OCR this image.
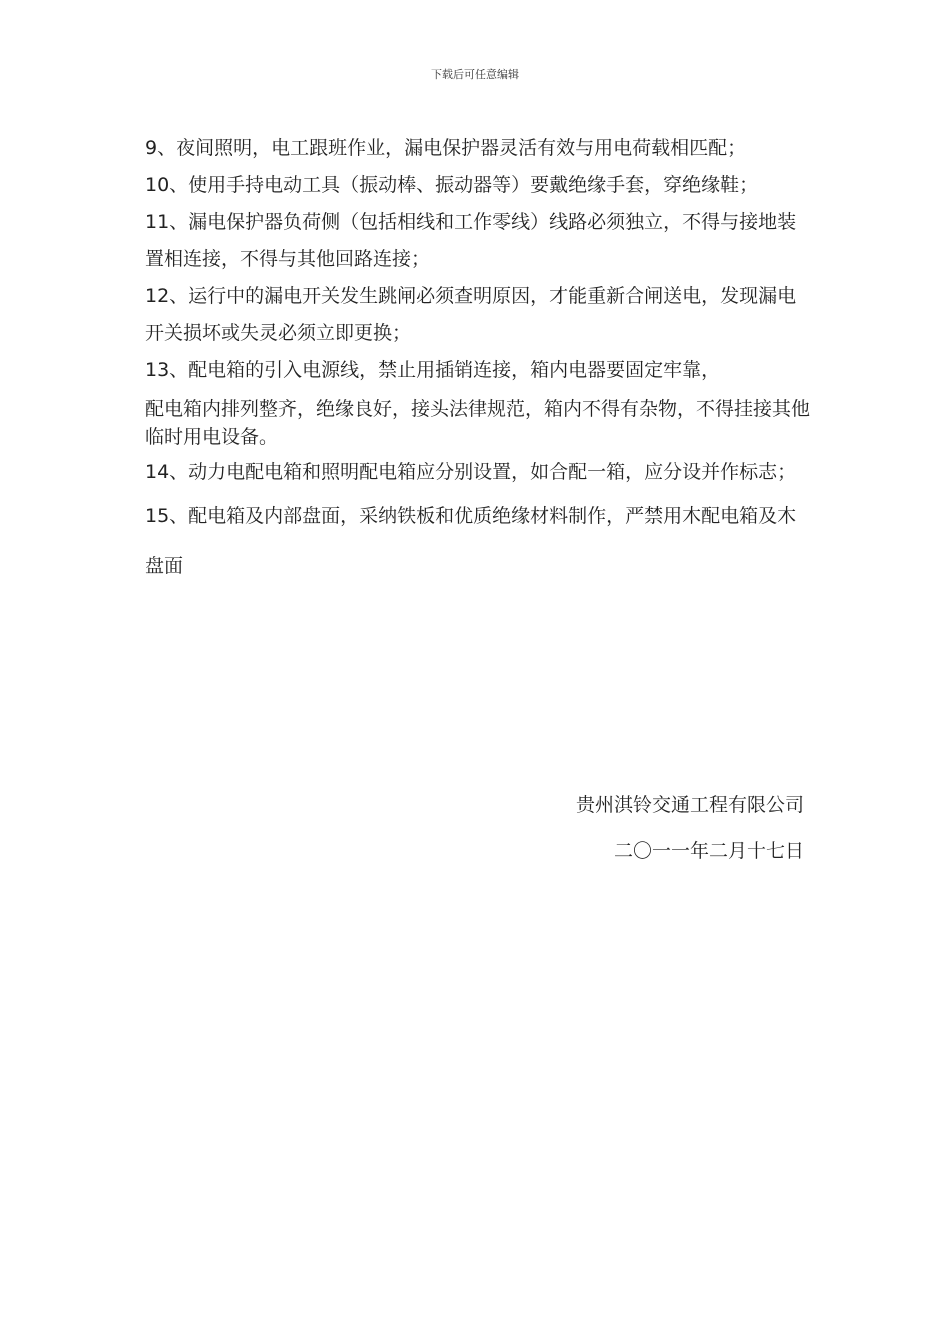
下载后可任意编辑

9、夜间照明，电工跟班作业，漏电保护器灵活有效与用电荷载相匹配；

10、使用手持电动工具（振动棒、振动器等）要戴绝缘手套，穿绝缘鞋；

11、漏电保护器负荷侧（包括相线和工作零线）线路必须独立，不得与接地装置相连接，不得与其他回路连接；

12、运行中的漏电开关发生跳闸必须查明原因，才能重新合闸送电，发现漏电开关损坏或失灵必须立即更换；

13、配电箱的引入电源线，禁止用插销连接，箱内电器要固定牢靠，

配电箱内排列整齐，绝缘良好，接头法律规范，箱内不得有杂物，不得挂接其他临时用电设备。

14、动力电配电箱和照明配电箱应分别设置，如合配一箱，应分设并作标志；

15、配电箱及内部盘面，采纳铁板和优质绝缘材料制作，严禁用木配电箱及木盘面

贵州淇铃交通工程有限公司
二〇一一年二月十七日
